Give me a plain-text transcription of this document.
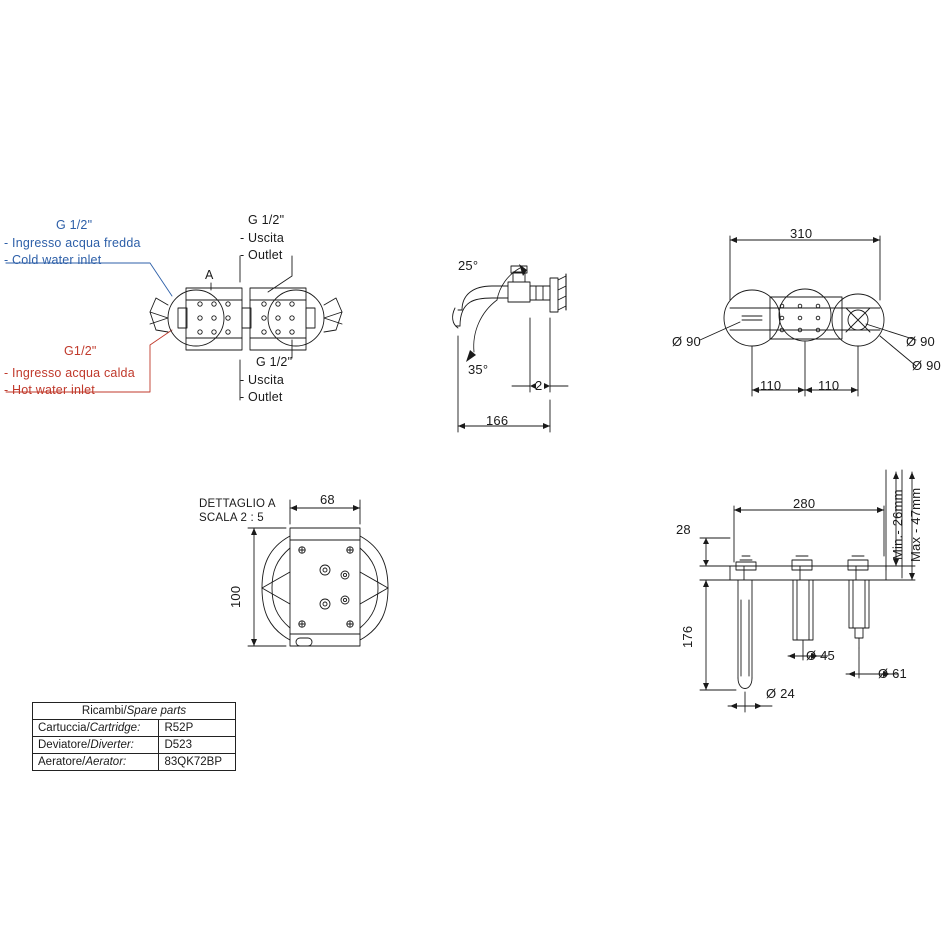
G 1/2"
- Ingresso acqua fredda
- Cold water inlet
G1/2"
- Ingresso acqua calda
- Hot water inlet
G 1/2"
- Uscita
- Outlet
G 1/2"
- Uscita
- Outlet
A
25°
35°
2
166
310
Ø 90	Ø 90
Ø 90
110	110
DETTAGLIO A
SCALA 2 : 5
68
100
280
28
176
Min.- 26mm Max - 47mm
Ø 45
Ø 24
Ø 61
Ricambi/Spare parts	
Cartuccia/Cartridge:	R52P
Deviatore/Diverter:	D523
Aeratore/Aerator:	83QK72BP
